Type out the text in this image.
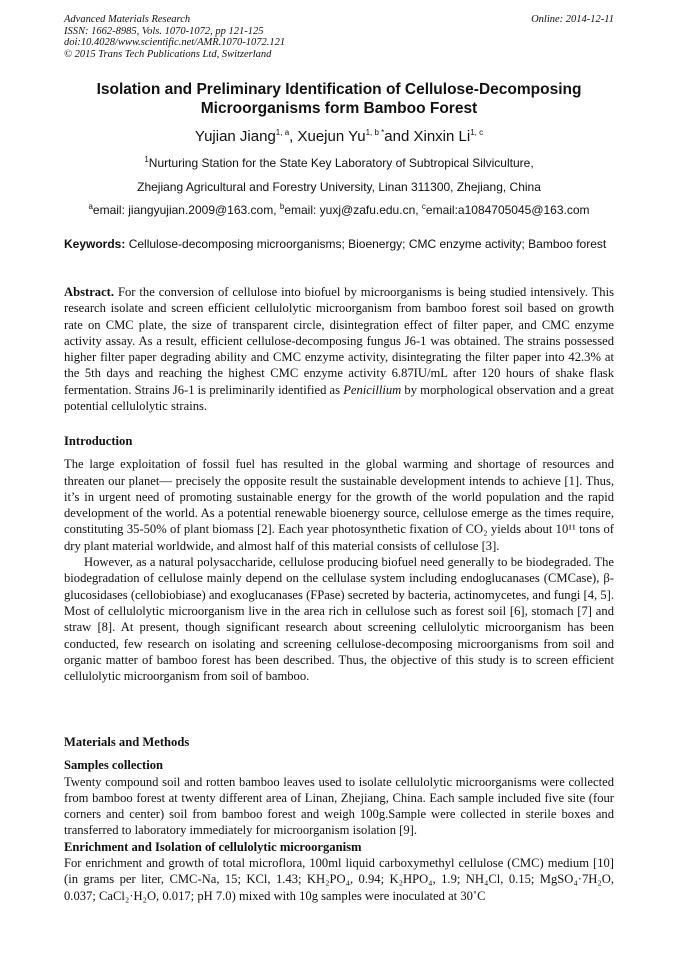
Advanced Materials Research
ISSN: 1662-8985, Vols. 1070-1072, pp 121-125
doi:10.4028/www.scientific.net/AMR.1070-1072.121
© 2015 Trans Tech Publications Ltd, Switzerland
Online: 2014-12-11
Isolation and Preliminary Identification of Cellulose-Decomposing
Microorganisms form Bamboo Forest
Yujian Jiang$^{1, a}$, Xuejun $Yu^{1, b *}and$ Xinxin Li$^{1, c}$
$^1$Nurturing Station for the State Key Laboratory of Subtropical Silviculture,
Zhejiang Agricultural and Forestry University, Linan 311300, Zhejiang, China
$^a$email: jiangyujian.2009@163.com, $^b$email: yuxj@zafu.edu.cn, $^c$email:a1084705045@163.com
Keywords: Cellulose-decomposing microorganisms; Bioenergy; CMC enzyme activity; Bamboo forest
Abstract. For the conversion of cellulose into biofuel by microorganisms is being studied intensively. This research isolate and screen efficient cellulolytic microorganism from bamboo forest soil based on growth rate on CMC plate, the size of transparent circle, disintegration effect of filter paper, and CMC enzyme activity assay. As a result, efficient cellulose-decomposing fungus J6-1 was obtained. The strains possessed higher filter paper degrading ability and CMC enzyme activity, disintegrating the filter paper into 42.3% at the 5th days and reaching the highest CMC enzyme activity 6.87IU/mL after 120 hours of shake flask fermentation. Strains J6-1 is preliminarily identified as Penicillium by morphological observation and a great potential cellulolytic strains.
Introduction

The large exploitation of fossil fuel has resulted in the global warming and shortage of resources and threaten our planet— precisely the opposite result the sustainable development intends to achieve [1]. Thus, it’s in urgent need of promoting sustainable energy for the growth of the world population and the rapid development of the world. As a potential renewable bioenergy source, cellulose emerge as the times require, constituting 35-50% of plant biomass [2]. Each year photosynthetic fixation of CO₂ yields about 10¹¹ tons of dry plant material worldwide, and almost half of this material consists of cellulose [3].

However, as a natural polysaccharide, cellulose producing biofuel need generally to be biodegraded. The biodegradation of cellulose mainly depend on the cellulase system including endoglucanases (CMCase), β-glucosidases (cellobiobiase) and exoglucanases (FPase) secreted by bacteria, actinomycetes, and fungi [4, 5]. Most of cellulolytic microorganism live in the area rich in cellulose such as forest soil [6], stomach [7] and straw [8]. At present, though significant research about screening cellulolytic microorganism has been conducted, few research on isolating and screening cellulose-decomposing microorganisms from soil and organic matter of bamboo forest has been described. Thus, the objective of this study is to screen efficient cellulolytic microorganism from soil of bamboo.

Materials and Methods
Samples collection

Twenty compound soil and rotten bamboo leaves used to isolate cellulolytic microorganisms were collected from bamboo forest at twenty different area of Linan, Zhejiang, China. Each sample included five site (four corners and center) soil from bamboo forest and weigh 100g.Sample were collected in sterile boxes and transferred to laboratory immediately for microorganism isolation [9].

Enrichment and Isolation of cellulolytic microorganism

For enrichment and growth of total microflora, 100ml liquid carboxymethyl cellulose (CMC) medium [10] (in grams per liter, CMC-Na, 15; KCl, 1.43; KH₂PO₄, 0.94; K₂HPO₄, 1.9; NH₄Cl, 0.15; MgSO₄·7H₂O, 0.037; CaCl₂·H₂O, 0.017; pH 7.0) mixed with 10g samples were inoculated at 30˚C
